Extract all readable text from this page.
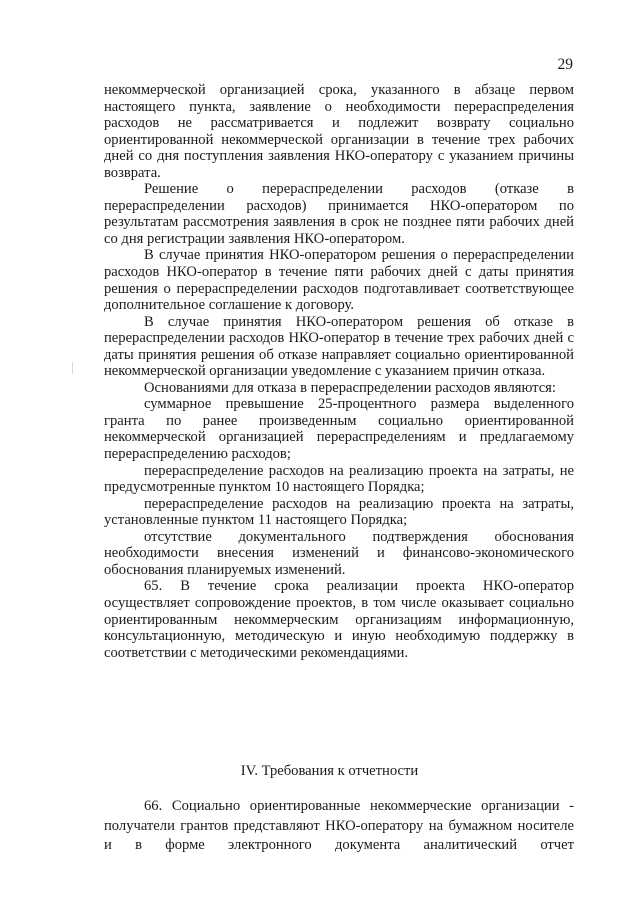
29

некоммерческой организацией срока, указанного в абзаце первом настоящего пункта, заявление о необходимости перераспределения расходов не рассматривается и подлежит возврату социально ориентированной некоммерческой организации в течение трех рабочих дней со дня поступления заявления НКО-оператору с указанием причины возврата.

Решение о перераспределении расходов (отказе в перераспределении расходов) принимается НКО-оператором по результатам рассмотрения заявления в срок не позднее пяти рабочих дней со дня регистрации заявления НКО-оператором.

В случае принятия НКО-оператором решения о перераспределении расходов НКО-оператор в течение пяти рабочих дней с даты принятия решения о перераспределении расходов подготавливает соответствующее дополнительное соглашение к договору.

В случае принятия НКО-оператором решения об отказе в перераспределении расходов НКО-оператор в течение трех рабочих дней с даты принятия решения об отказе направляет социально ориентированной некоммерческой организации уведомление с указанием причин отказа.

Основаниями для отказа в перераспределении расходов являются:

суммарное превышение 25-процентного размера выделенного гранта по ранее произведенным социально ориентированной некоммерческой организацией перераспределениям и предлагаемому перераспределению расходов;

перераспределение расходов на реализацию проекта на затраты, не предусмотренные пунктом 10 настоящего Порядка;

перераспределение расходов на реализацию проекта на затраты, установленные пунктом 11 настоящего Порядка;

отсутствие документального подтверждения обоснования необходимости внесения изменений и финансово-экономического обоснования планируемых изменений.

65. В течение срока реализации проекта НКО-оператор осуществляет сопровождение проектов, в том числе оказывает социально ориентированным некоммерческим организациям информационную, консультационную, методическую и иную необходимую поддержку в соответствии с методическими рекомендациями.

IV. Требования к отчетности

66. Социально ориентированные некоммерческие организации - получатели грантов представляют НКО-оператору на бумажном носителе и в форме электронного документа аналитический отчет
